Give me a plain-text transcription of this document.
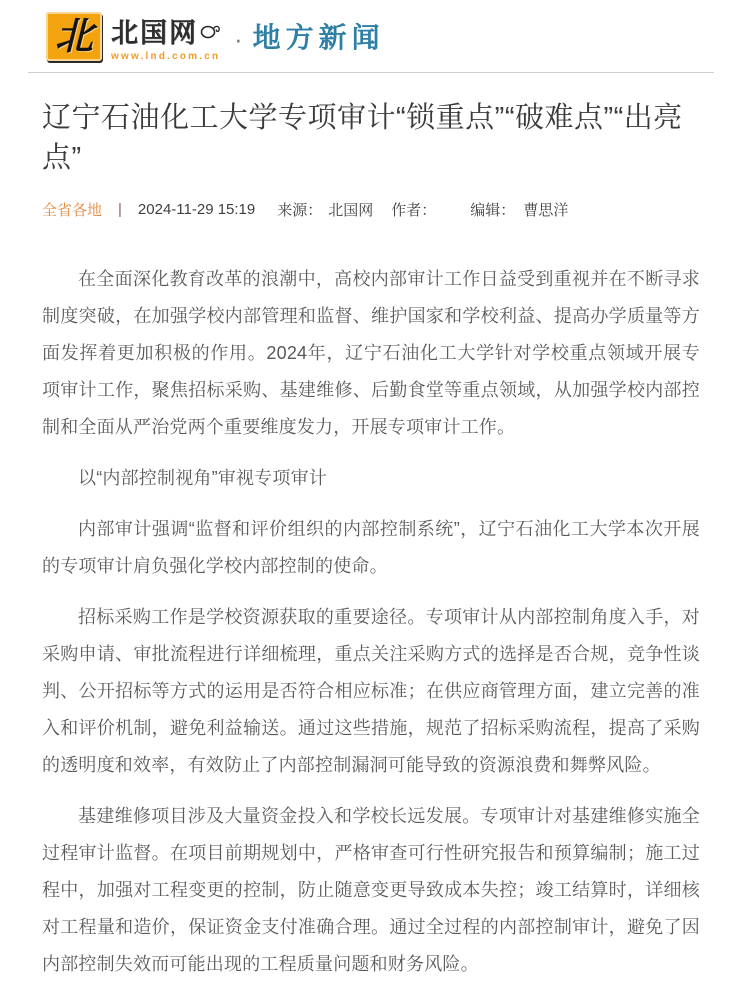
北 北国网
www.lnd.com.cn
· 地方新闻
辽宁石油化工大学专项审计“锁重点”“破难点”“出亮点”
全省各地 | 2024-11-29 15:19 来源： 北国网 作者： 编辑： 曹思洋

在全面深化教育改革的浪潮中，高校内部审计工作日益受到重视并在不断寻求制度突破，在加强学校内部管理和监督、维护国家和学校利益、提高办学质量等方面发挥着更加积极的作用。2024年，辽宁石油化工大学针对学校重点领域开展专项审计工作，聚焦招标采购、基建维修、后勤食堂等重点领域，从加强学校内部控制和全面从严治党两个重要维度发力，开展专项审计工作。

以“内部控制视角”审视专项审计

内部审计强调“监督和评价组织的内部控制系统”，辽宁石油化工大学本次开展的专项审计肩负强化学校内部控制的使命。

招标采购工作是学校资源获取的重要途径。专项审计从内部控制角度入手，对采购申请、审批流程进行详细梳理，重点关注采购方式的选择是否合规，竞争性谈判、公开招标等方式的运用是否符合相应标准；在供应商管理方面，建立完善的准入和评价机制，避免利益输送。通过这些措施，规范了招标采购流程，提高了采购的透明度和效率，有效防止了内部控制漏洞可能导致的资源浪费和舞弊风险。

基建维修项目涉及大量资金投入和学校长远发展。专项审计对基建维修实施全过程审计监督。在项目前期规划中，严格审查可行性研究报告和预算编制；施工过程中，加强对工程变更的控制，防止随意变更导致成本失控；竣工结算时，详细核对工程量和造价，保证资金支付准确合理。通过全过程的内部控制审计，避免了因内部控制失效而可能出现的工程质量问题和财务风险。
